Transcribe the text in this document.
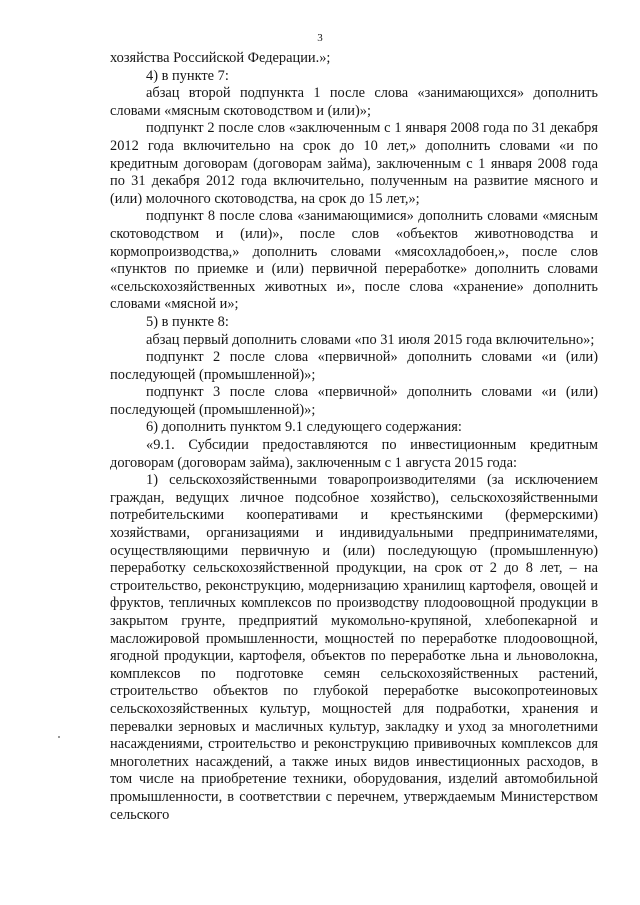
3

хозяйства Российской Федерации.»;

4) в пункте 7:

абзац второй подпункта 1 после слова «занимающихся» дополнить словами «мясным скотоводством и (или)»;

подпункт 2 после слов «заключенным с 1 января 2008 года по 31 декабря 2012 года включительно на срок до 10 лет,» дополнить словами «и по кредитным договорам (договорам займа), заключенным с 1 января 2008 года по 31 декабря 2012 года включительно, полученным на развитие мясного и (или) молочного скотоводства, на срок до 15 лет,»;

подпункт 8 после слова «занимающимися» дополнить словами «мясным скотоводством и (или)», после слов «объектов животноводства и кормопроизводства,» дополнить словами «мясохладобоен,», после слов «пунктов по приемке и (или) первичной переработке» дополнить словами «сельскохозяйственных животных и», после слова «хранение» дополнить словами «мясной и»;

5) в пункте 8:

абзац первый дополнить словами «по 31 июля 2015 года включительно»;

подпункт 2 после слова «первичной» дополнить словами «и (или) последующей (промышленной)»;

подпункт 3 после слова «первичной» дополнить словами «и (или) последующей (промышленной)»;

6) дополнить пунктом 9.1 следующего содержания:

«9.1. Субсидии предоставляются по инвестиционным кредитным договорам (договорам займа), заключенным с 1 августа 2015 года:

1) сельскохозяйственными товаропроизводителями (за исключением граждан, ведущих личное подсобное хозяйство), сельскохозяйственными потребительскими кооперативами и крестьянскими (фермерскими) хозяйствами, организациями и индивидуальными предпринимателями, осуществляющими первичную и (или) последующую (промышленную) переработку сельскохозяйственной продукции, на срок от 2 до 8 лет, – на строительство, реконструкцию, модернизацию хранилищ картофеля, овощей и фруктов, тепличных комплексов по производству плодоовощной продукции в закрытом грунте, предприятий мукомольно-крупяной, хлебопекарной и масложировой промышленности, мощностей по переработке плодоовощной, ягодной продукции, картофеля, объектов по переработке льна и льноволокна, комплексов по подготовке семян сельскохозяйственных растений, строительство объектов по глубокой переработке высокопротеиновых сельскохозяйственных культур, мощностей для подработки, хранения и перевалки зерновых и масличных культур, закладку и уход за многолетними насаждениями, строительство и реконструкцию прививочных комплексов для многолетних насаждений, а также иных видов инвестиционных расходов, в том числе на приобретение техники, оборудования, изделий автомобильной промышленности, в соответствии с перечнем, утверждаемым Министерством сельского
